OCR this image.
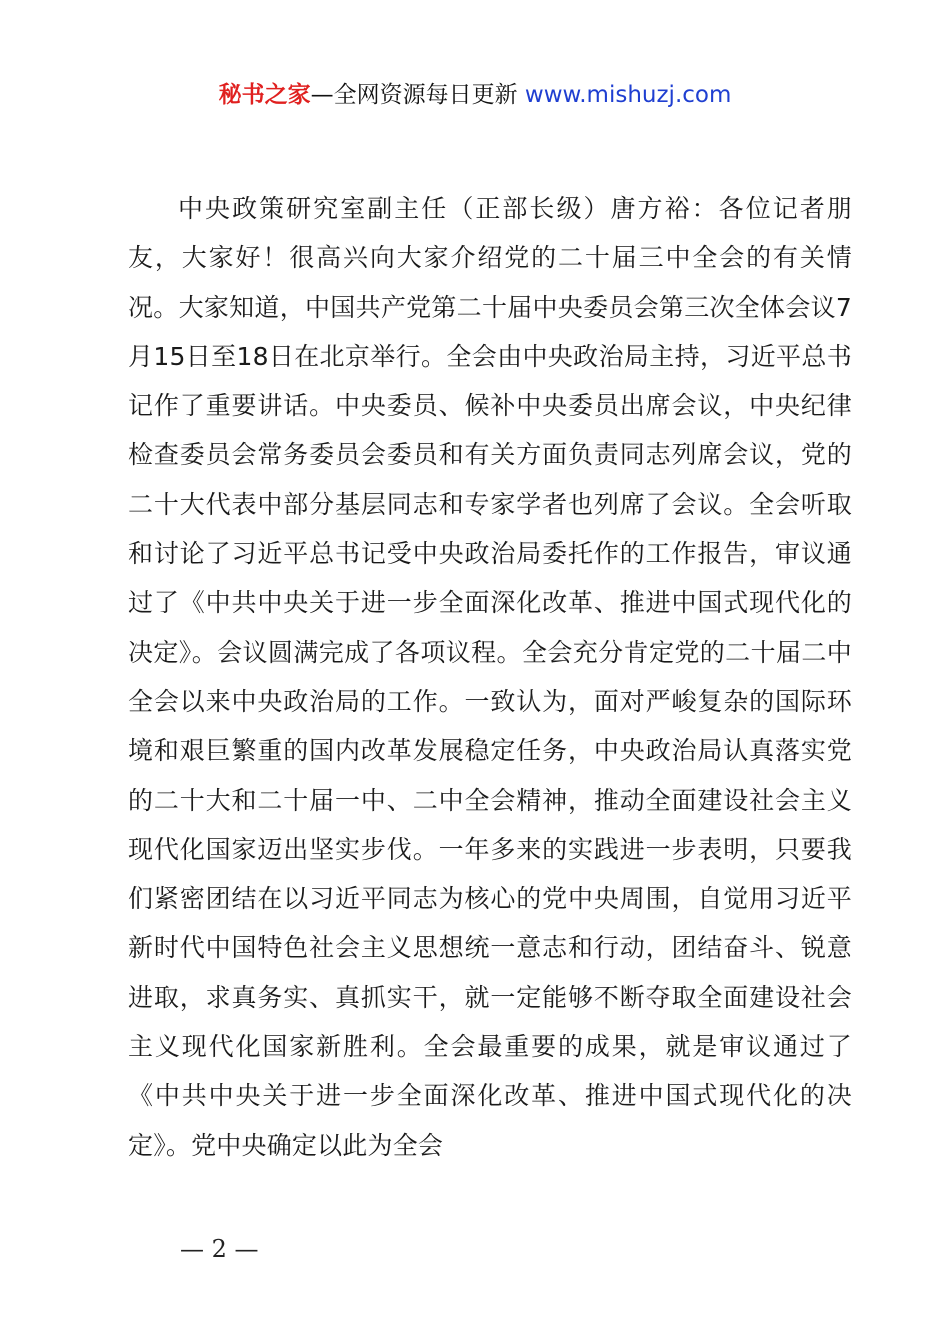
秘书之家—全网资源每日更新 www.mishuzj.com

中央政策研究室副主任（正部长级）唐方裕：各位记者朋友，大家好！很高兴向大家介绍党的二十届三中全会的有关情况。大家知道，中国共产党第二十届中央委员会第三次全体会议7月15日至18日在北京举行。全会由中央政治局主持，习近平总书记作了重要讲话。中央委员、候补中央委员出席会议，中央纪律检查委员会常务委员会委员和有关方面负责同志列席会议，党的二十大代表中部分基层同志和专家学者也列席了会议。全会听取和讨论了习近平总书记受中央政治局委托作的工作报告，审议通过了《中共中央关于进一步全面深化改革、推进中国式现代化的决定》。会议圆满完成了各项议程。全会充分肯定党的二十届二中全会以来中央政治局的工作。一致认为，面对严峻复杂的国际环境和艰巨繁重的国内改革发展稳定任务，中央政治局认真落实党的二十大和二十届一中、二中全会精神，推动全面建设社会主义现代化国家迈出坚实步伐。一年多来的实践进一步表明，只要我们紧密团结在以习近平同志为核心的党中央周围，自觉用习近平新时代中国特色社会主义思想统一意志和行动，团结奋斗、锐意进取，求真务实、真抓实干，就一定能够不断夺取全面建设社会主义现代化国家新胜利。全会最重要的成果，就是审议通过了《中共中央关于进一步全面深化改革、推进中国式现代化的决定》。党中央确定以此为全会

— 2 —
